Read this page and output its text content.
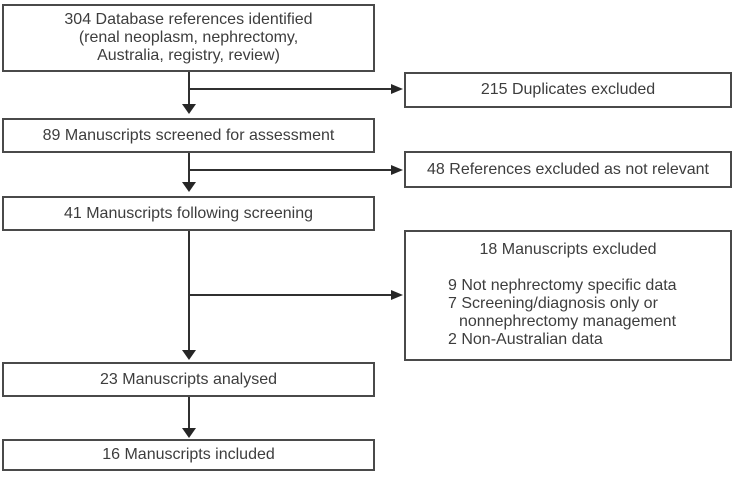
304 Database references identified
(renal neoplasm, nephrectomy,
Australia, registry, review)
89 Manuscripts screened for assessment
41 Manuscripts following screening
23 Manuscripts analysed
16 Manuscripts included
215 Duplicates excluded
48 References excluded as not relevant
18 Manuscripts excluded
9 Not nephrectomy specific data
7 Screening/diagnosis only or
nonnephrectomy management
2 Non-Australian data
